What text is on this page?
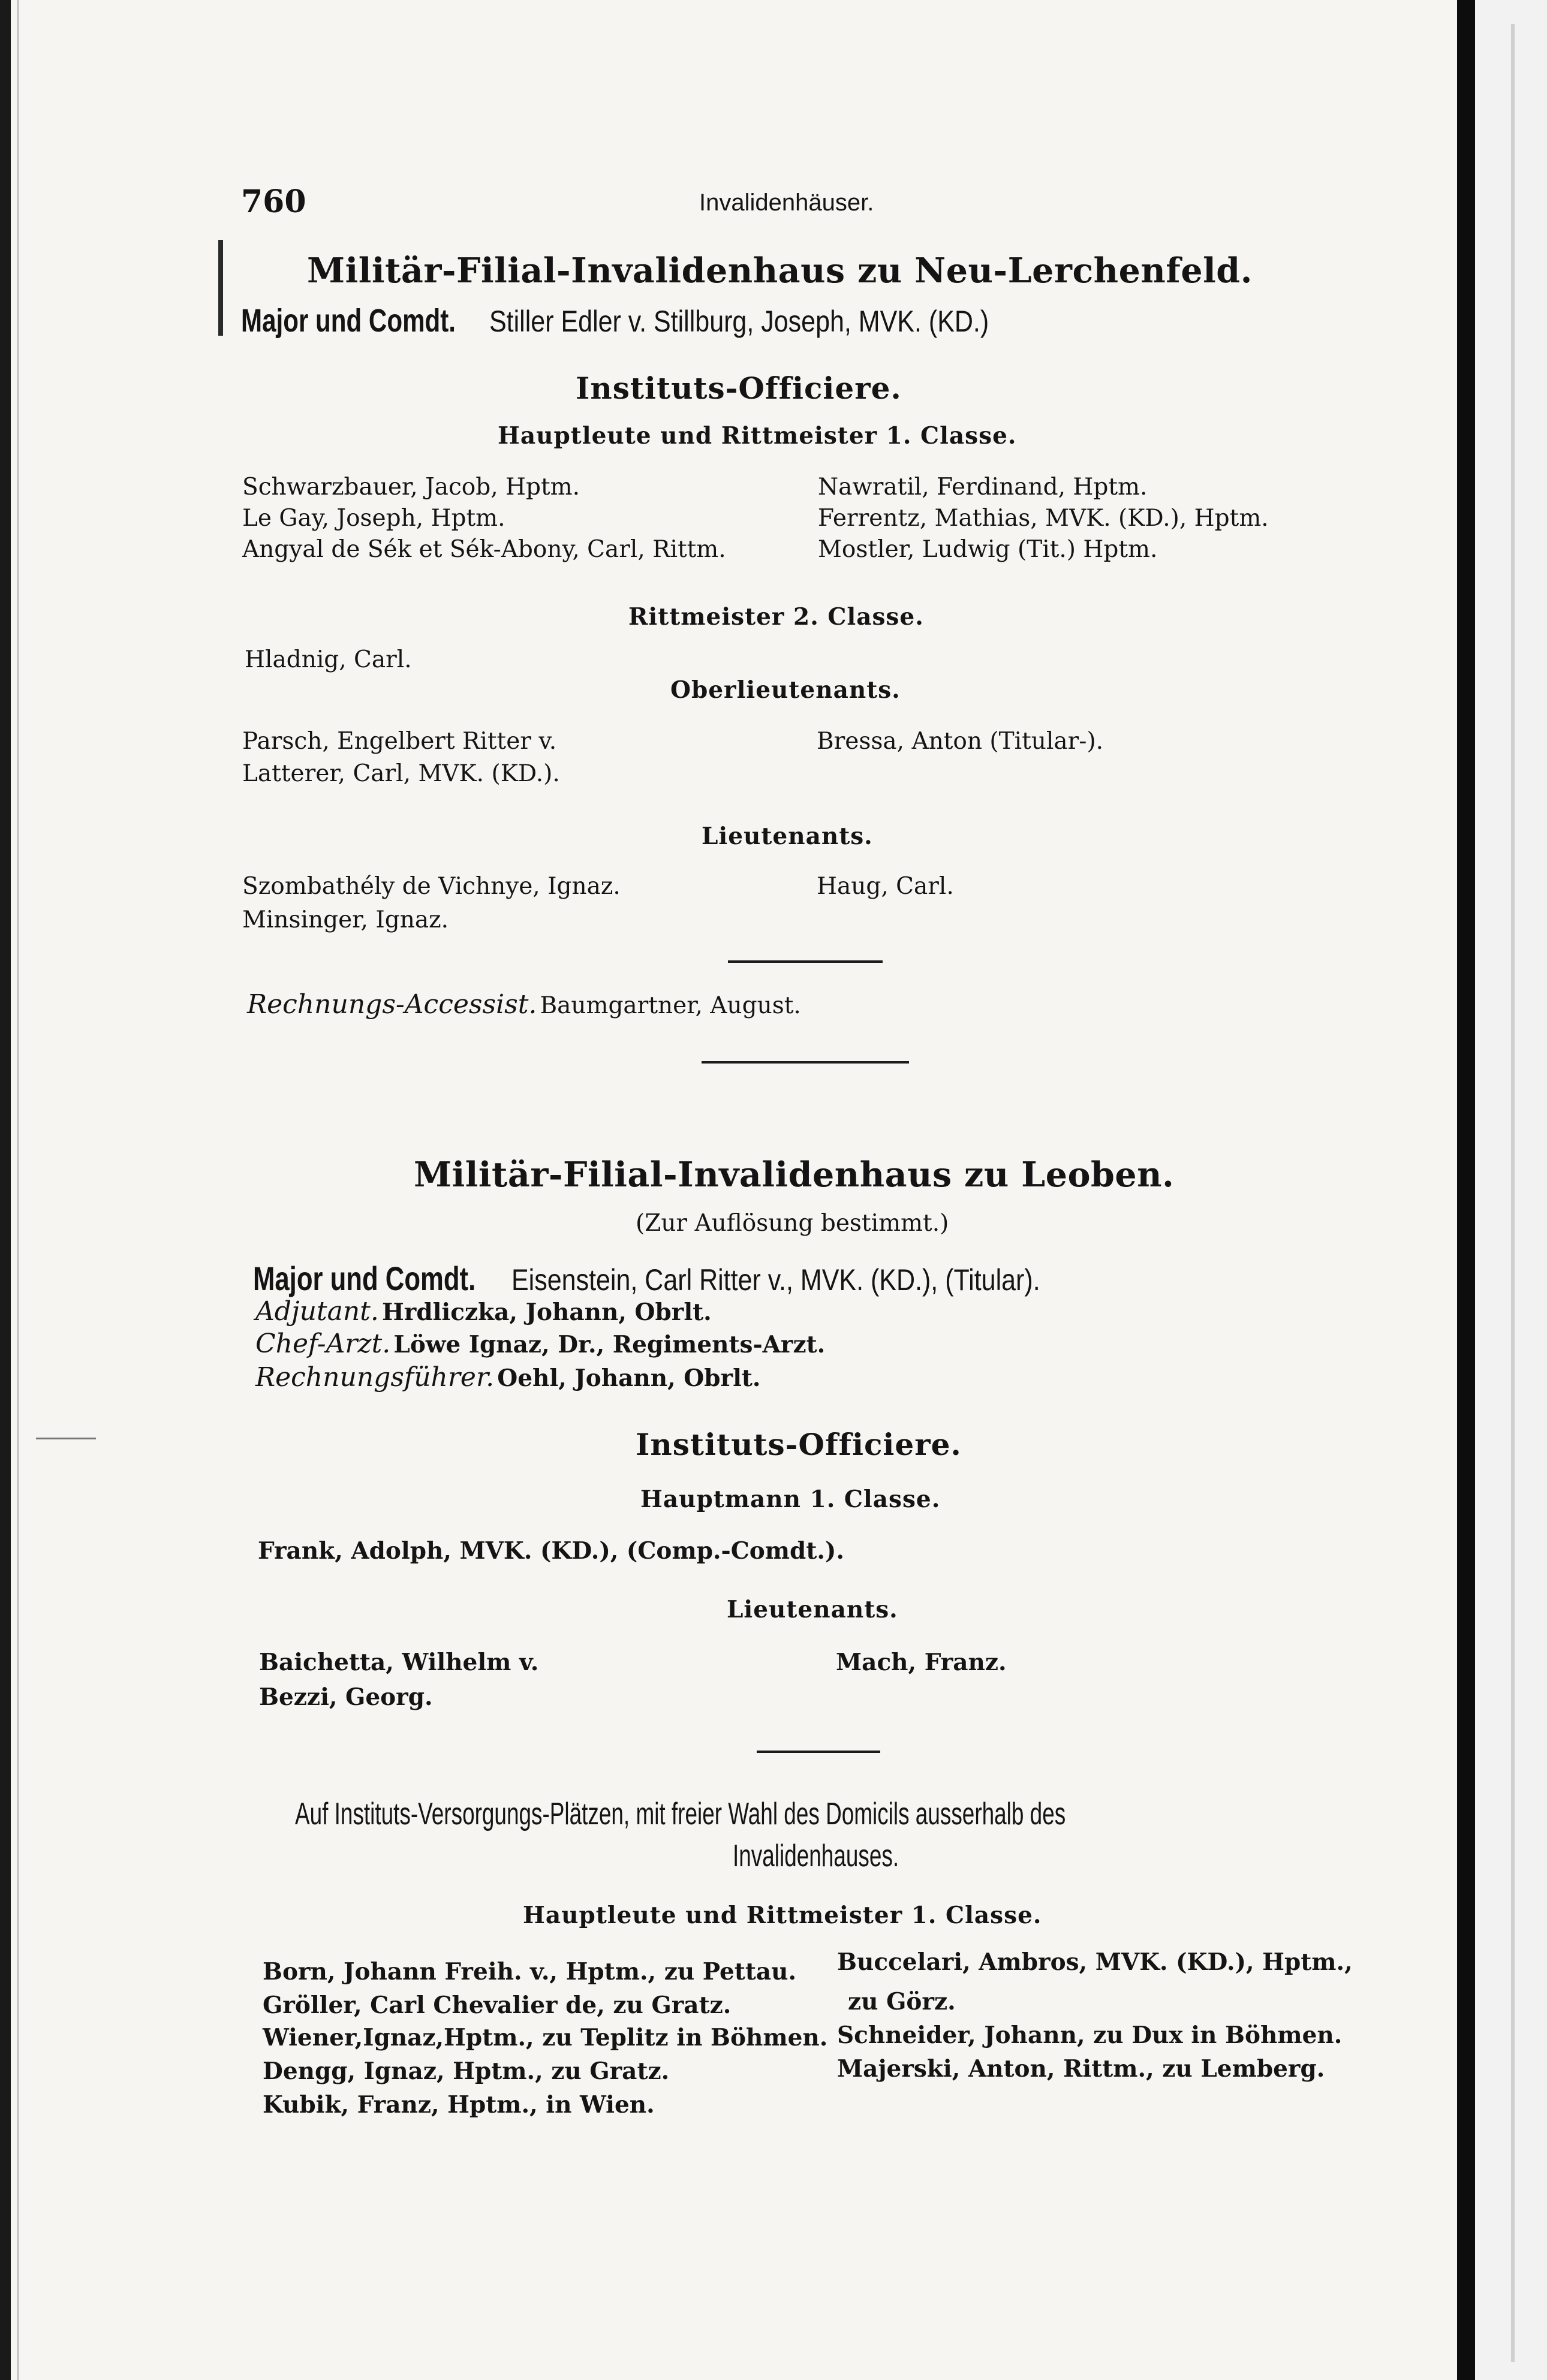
760	Invalidenhäuser.
Militär-Filial-Invalidenhaus zu Neu-Lerchenfeld.
Major und Comdt. Stiller Edler v. Stillburg, Joseph, MVK. (KD.)
Instituts-Officiere.
Hauptleute und Rittmeister 1. Classe.
Schwarzbauer, Jacob, Hptm.
Le Gay, Joseph, Hptm.
Angyal de Sék et Sék-Abony, Carl, Rittm.
Nawratil, Ferdinand, Hptm.
Ferrentz, Mathias, MVK. (KD.), Hptm.
Mostler, Ludwig (Tit.) Hptm.
Rittmeister 2. Classe.
Hladnig, Carl.
Oberlieutenants.
Parsch, Engelbert Ritter v.
Latterer, Carl, MVK. (KD.).
Bressa, Anton (Titular-).
Lieutenants.
Szombathély de Vichnye, Ignaz.
Minsinger, Ignaz.
Haug, Carl.
Rechnungs-Accessist. Baumgartner, August.
Militär-Filial-Invalidenhaus zu Leoben.
(Zur Auflösung bestimmt.)
Major und Comdt. Eisenstein, Carl Ritter v., MVK. (KD.), (Titular).
Adjutant. Hrdliczka, Johann, Obrlt.
Chef-Arzt. Löwe Ignaz, Dr., Regiments-Arzt.
Rechnungsführer. Oehl, Johann, Obrlt.
Instituts-Officiere.
Hauptmann 1. Classe.
Frank, Adolph, MVK. (KD.), (Comp.-Comdt.).
Lieutenants.
Baichetta, Wilhelm v.
Bezzi, Georg.
Mach, Franz.
Auf Instituts-Versorgungs-Plätzen, mit freier Wahl des Domicils ausserhalb des
Invalidenhauses.
Hauptleute und Rittmeister 1. Classe.
Born, Johann Freih. v., Hptm., zu Pettau.
Gröller, Carl Chevalier de, zu Gratz.
Wiener,Ignaz,Hptm., zu Teplitz in Böhmen.
Dengg, Ignaz, Hptm., zu Gratz.
Kubik, Franz, Hptm., in Wien.
Buccelari, Ambros, MVK. (KD.), Hptm.,
zu Görz.
Schneider, Johann, zu Dux in Böhmen.
Majerski, Anton, Rittm., zu Lemberg.
